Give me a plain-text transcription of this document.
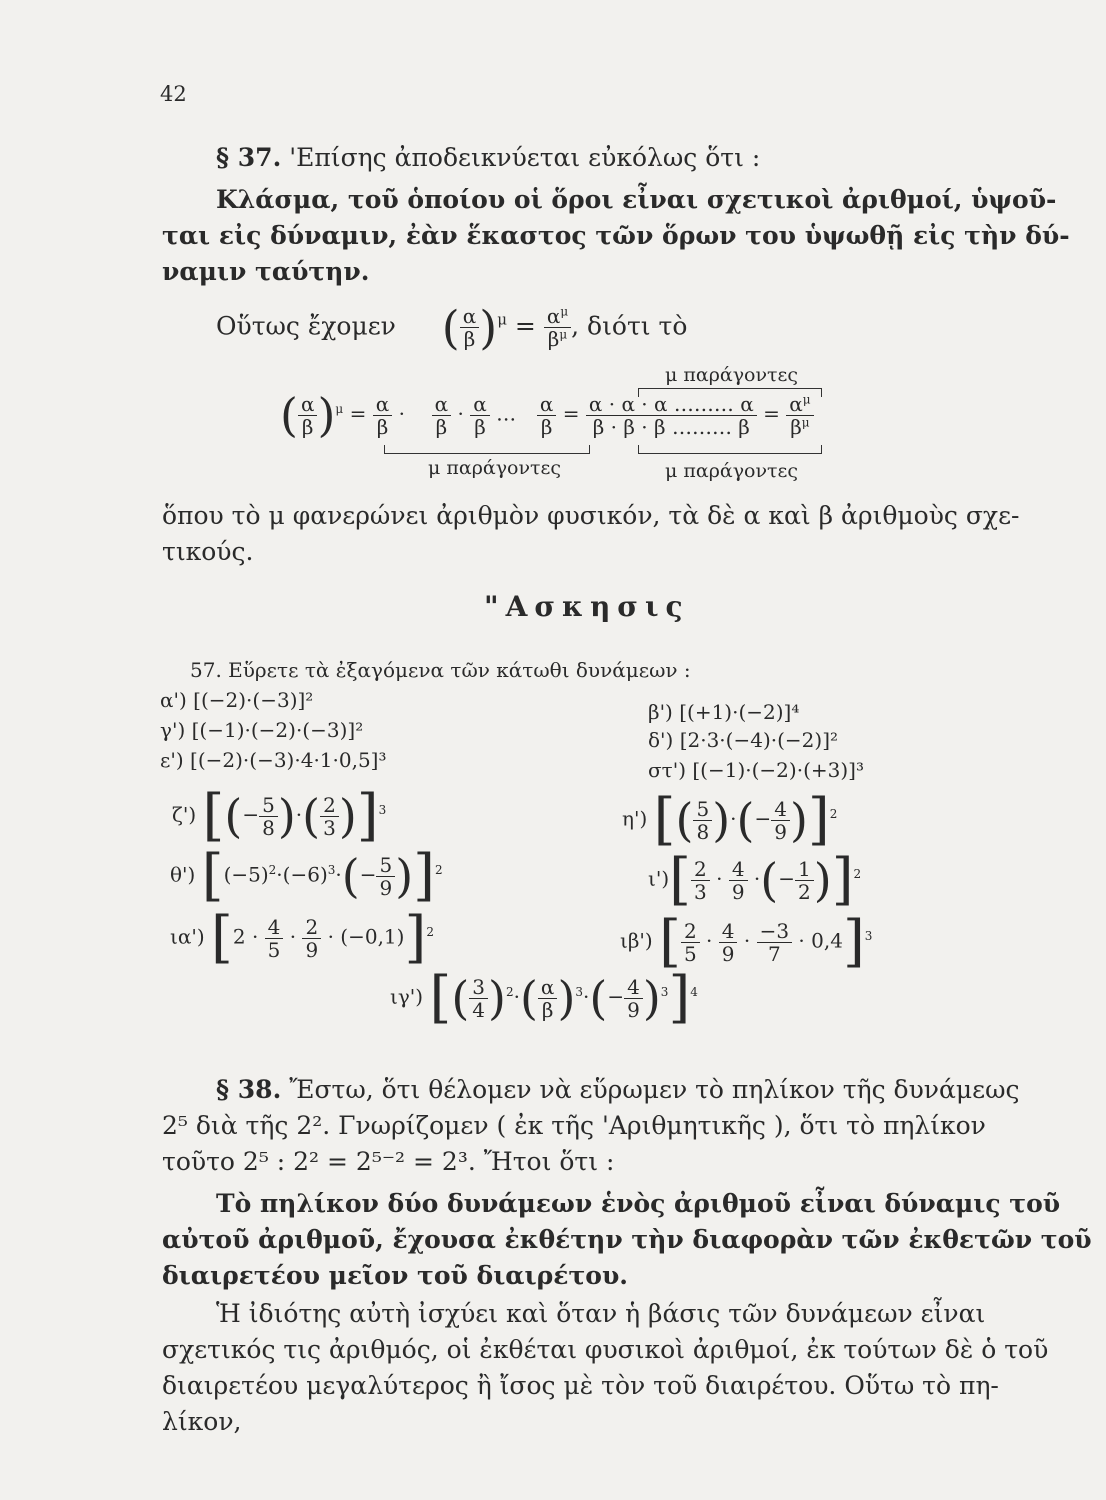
42
§ 37. 'Επίσης ἀποδεικνύεται εὐκόλως ὅτι :
Κλάσμα, τοῦ ὁποίου οἱ ὅροι εἶναι σχετικοὶ ἀριθμοί, ὑψοῦ-
ται εἰς δύναμιν, ἐὰν ἕκαστος τῶν ὅρων του ὑψωθῇ εἰς τὴν δύ-
ναμιν ταύτην.
Οὕτως ἔχομεν ( $\frac{\alpha}{\beta} )^\mu = \frac{\alpha^\mu}{\beta^\mu}$ , διότι τὸ
μ παράγοντες
( $\frac{\alpha}{\beta} )^\mu = \frac{\alpha}{\beta} \cdot \frac{\alpha}{\beta} \cdot \frac{\alpha}{\beta}$ … $\frac{\alpha}{\beta} = \frac{\alpha \cdot \alpha \cdot \alpha \dots\dots\dots \alpha}{\beta \cdot \beta \cdot \beta \dots\dots\dots \beta} = \frac{\alpha^\mu}{\beta^\mu}$
μ παράγοντες	μ παράγοντες
ὅπου τὸ μ φανερώνει ἀριθμὸν φυσικόν, τὰ δὲ α καὶ β ἀριθμοὺς σχε-
τικούς.
"Ασκησις
57. Εὕρετε τὰ ἐξαγόμενα τῶν κάτωθι δυνάμεων :
α') [(−2)·(−3)]²	β') [(+1)·(−2)]⁴
γ') [(−1)·(−2)·(−3)]²	δ') [2·3·(−4)·(−2)]²
ε') [(−2)·(−3)·4·1·0,5]³	στ') [(−1)·(−2)·(+3)]³
ζ') [(− $\frac{5}{8}$ )·( $\frac{2}{3} )]^3$	η') [( $\frac{5}{8}$ )·(− $\frac{4}{9} )]^2$
θ') $[(-5)^2\cdot(-6)^3\cdot(- \frac{5}{9} )]^2$	$\iota')[ \frac{2}{3} \cdot \frac{4}{9}$ ·(− $\frac{1}{2} )]^2$
ια') $[2 \cdot \frac{4}{5} \cdot \frac{2}{9} \cdot (-0,1)]^2$	ιβ') [ $\frac{2}{5} \cdot \frac{4}{9} \cdot \frac{-3}{7} \cdot 0,4]^3$
ιγ') [( $\frac{3}{4} )^2\cdot( \frac{\alpha}{\beta} )^3\cdot(- \frac{4}{9} )^3]^4$
§ 38. Ἔστω, ὅτι θέλομεν νὰ εὕρωμεν τὸ πηλίκον τῆς δυνάμεως
2⁵ διὰ τῆς 2². Γνωρίζομεν ( ἐκ τῆς 'Αριθμητικῆς ), ὅτι τὸ πηλίκον
τοῦτο 2⁵ : 2² = 2⁵⁻² = 2³. Ἤτοι ὅτι :
Τὸ πηλίκον δύο δυνάμεων ἑνὸς ἀριθμοῦ εἶναι δύναμις τοῦ
αὐτοῦ ἀριθμοῦ, ἔχουσα ἐκθέτην τὴν διαφορὰν τῶν ἐκθετῶν τοῦ
διαιρετέου μεῖον τοῦ διαιρέτου.
Ἡ ἰδιότης αὐτὴ ἰσχύει καὶ ὅταν ἡ βάσις τῶν δυνάμεων εἶναι
σχετικός τις ἀριθμός, οἱ ἐκθέται φυσικοὶ ἀριθμοί, ἐκ τούτων δὲ ὁ τοῦ
διαιρετέου μεγαλύτερος ἢ ἴσος μὲ τὸν τοῦ διαιρέτου. Οὕτω τὸ πη-
λίκον,
